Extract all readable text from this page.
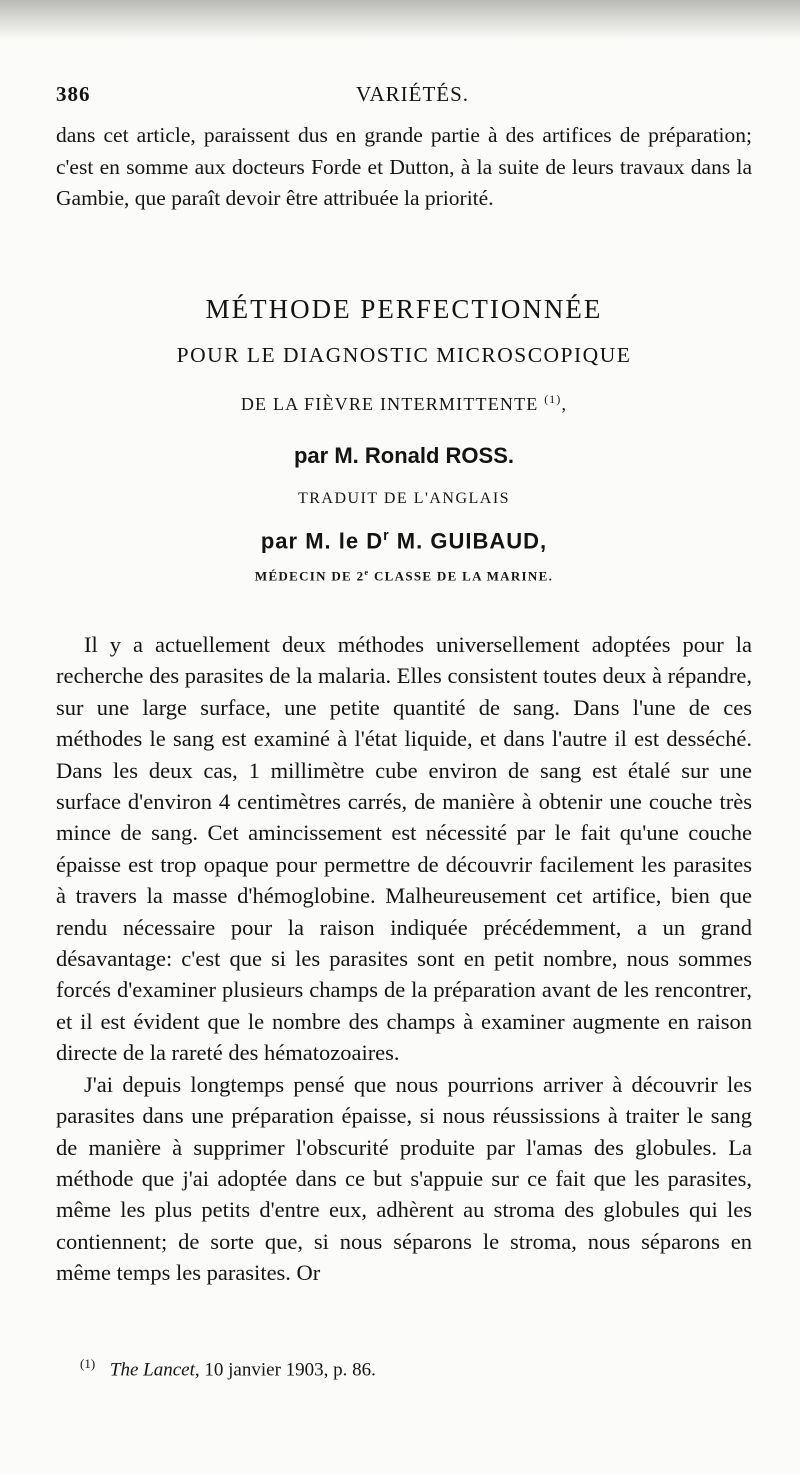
386	VARIÉTÉS.
dans cet article, paraissent dus en grande partie à des artifices de préparation; c'est en somme aux docteurs Forde et Dutton, à la suite de leurs travaux dans la Gambie, que paraît devoir être attribuée la priorité.
MÉTHODE PERFECTIONNÉE
POUR LE DIAGNOSTIC MICROSCOPIQUE
DE LA FIÈVRE INTERMITTENTE $^{(1)}$,
par M. Ronald ROSS.
TRADUIT DE L'ANGLAIS
par M. le $D^r$ M. GUIBAUD,
MÉDECIN DE 2e CLASSE DE LA MARINE.

Il y a actuellement deux méthodes universellement adoptées pour la recherche des parasites de la malaria. Elles consistent toutes deux à répandre, sur une large surface, une petite quantité de sang. Dans l'une de ces méthodes le sang est examiné à l'état liquide, et dans l'autre il est desséché. Dans les deux cas, 1 millimètre cube environ de sang est étalé sur une surface d'environ 4 centimètres carrés, de manière à obtenir une couche très mince de sang. Cet amincissement est nécessité par le fait qu'une couche épaisse est trop opaque pour permettre de découvrir facilement les parasites à travers la masse d'hémoglobine. Malheureusement cet artifice, bien que rendu nécessaire pour la raison indiquée précédemment, a un grand désavantage: c'est que si les parasites sont en petit nombre, nous sommes forcés d'examiner plusieurs champs de la préparation avant de les rencontrer, et il est évident que le nombre des champs à examiner augmente en raison directe de la rareté des hématozoaires.

J'ai depuis longtemps pensé que nous pourrions arriver à découvrir les parasites dans une préparation épaisse, si nous réussissions à traiter le sang de manière à supprimer l'obscurité produite par l'amas des globules. La méthode que j'ai adoptée dans ce but s'appuie sur ce fait que les parasites, même les plus petits d'entre eux, adhèrent au stroma des globules qui les contiennent; de sorte que, si nous séparons le stroma, nous séparons en même temps les parasites. Or

$^{(1)}$ The Lancet, 10 janvier 1903, p. 86.
